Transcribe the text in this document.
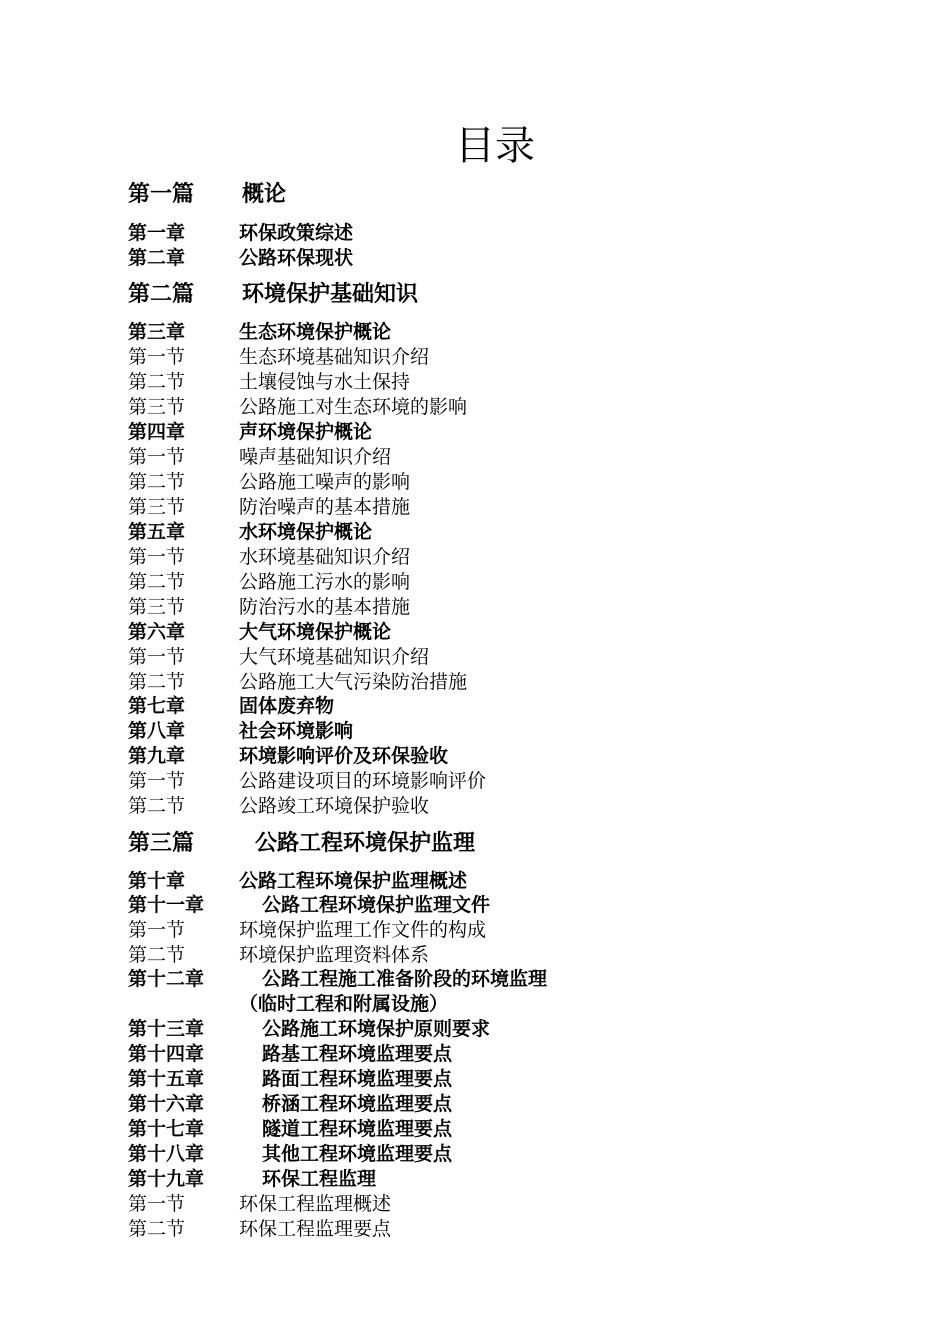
目录
第一篇 概论
第一章	环保政策综述
第二章	公路环保现状
第二篇 环境保护基础知识
第三章	生态环境保护概论
第一节	生态环境基础知识介绍
第二节	土壤侵蚀与水土保持
第三节	公路施工对生态环境的影响
第四章	声环境保护概论
第一节	噪声基础知识介绍
第二节	公路施工噪声的影响
第三节	防治噪声的基本措施
第五章	水环境保护概论
第一节	水环境基础知识介绍
第二节	公路施工污水的影响
第三节	防治污水的基本措施
第六章	大气环境保护概论
第一节	大气环境基础知识介绍
第二节	公路施工大气污染防治措施
第七章	固体废弃物
第八章	社会环境影响
第九章	环境影响评价及环保验收
第一节	公路建设项目的环境影响评价
第二节	公路竣工环境保护验收
第三篇	公路工程环境保护监理
第十章	公路工程环境保护监理概述
第十一章	公路工程环境保护监理文件
第一节	环境保护监理工作文件的构成
第二节	环境保护监理资料体系
第十二章	公路工程施工准备阶段的环境监理
（临时工程和附属设施）
第十三章	公路施工环境保护原则要求
第十四章	路基工程环境监理要点
第十五章	路面工程环境监理要点
第十六章	桥涵工程环境监理要点
第十七章	隧道工程环境监理要点
第十八章	其他工程环境监理要点
第十九章	环保工程监理
第一节	环保工程监理概述
第二节	环保工程监理要点
